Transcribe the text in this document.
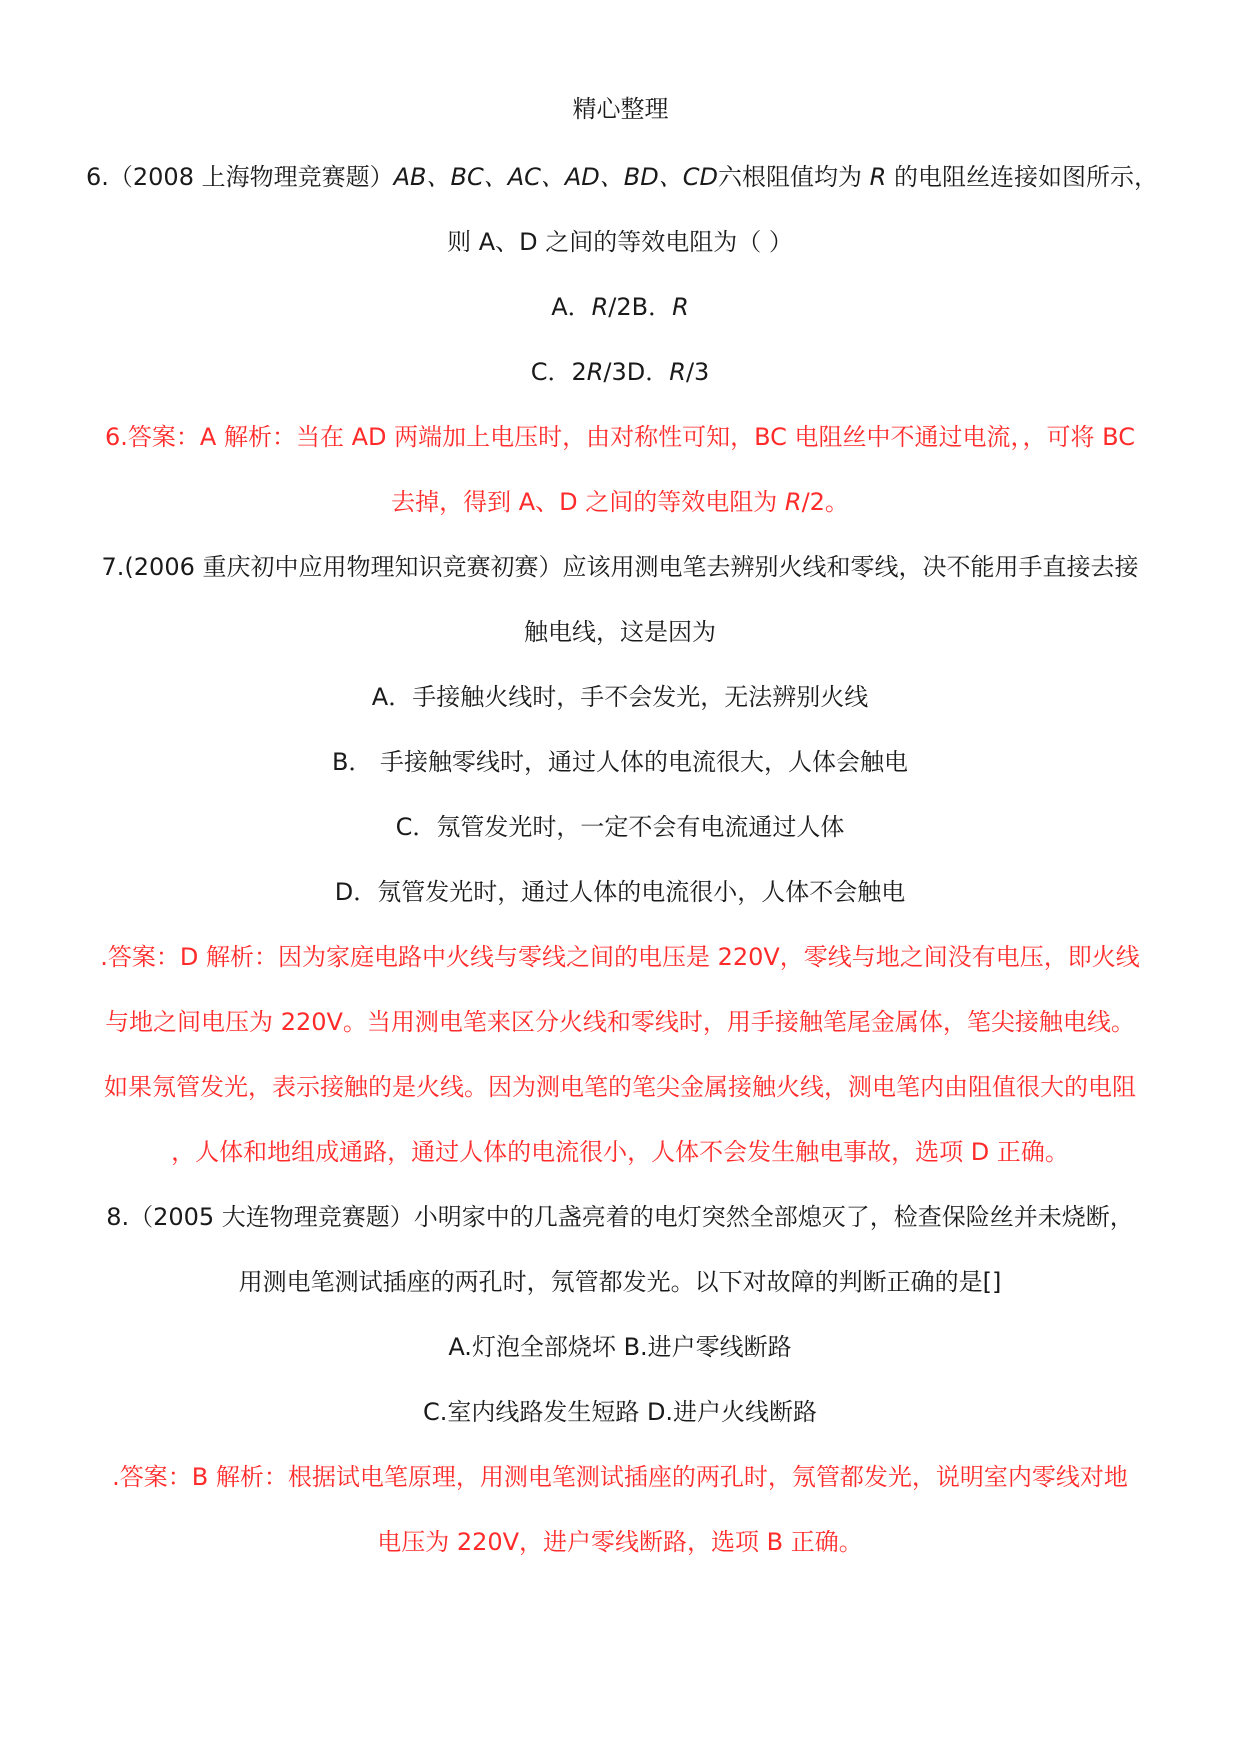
精心整理
6.（2008 上海物理竞赛题）AB、BC、AC、AD、BD、CD六根阻值均为 R 的电阻丝连接如图所示，
则 A、D 之间的等效电阻为（ ）
A．R/2B．R
C．2R/3D．R/3
6.答案：A 解析：当在 AD 两端加上电压时，由对称性可知，BC 电阻丝中不通过电流，，可将 BC
去掉，得到 A、D 之间的等效电阻为 R/2。
7.(2006 重庆初中应用物理知识竞赛初赛）应该用测电笔去辨别火线和零线，决不能用手直接去接
触电线，这是因为
A．手接触火线时，手不会发光，无法辨别火线
B． 手接触零线时，通过人体的电流很大，人体会触电
C．氖管发光时，一定不会有电流通过人体
D．氖管发光时，通过人体的电流很小，人体不会触电
.答案：D 解析：因为家庭电路中火线与零线之间的电压是 220V，零线与地之间没有电压，即火线
与地之间电压为 220V。当用测电笔来区分火线和零线时，用手接触笔尾金属体，笔尖接触电线。
如果氖管发光，表示接触的是火线。因为测电笔的笔尖金属接触火线，测电笔内由阻值很大的电阻
，人体和地组成通路，通过人体的电流很小，人体不会发生触电事故，选项 D 正确。
8.（2005 大连物理竞赛题）小明家中的几盏亮着的电灯突然全部熄灭了，检查保险丝并未烧断，
用测电笔测试插座的两孔时，氖管都发光。以下对故障的判断正确的是[]
A.灯泡全部烧坏 B.进户零线断路
C.室内线路发生短路 D.进户火线断路
.答案：B 解析：根据试电笔原理，用测电笔测试插座的两孔时，氖管都发光，说明室内零线对地
电压为 220V，进户零线断路，选项 B 正确。
